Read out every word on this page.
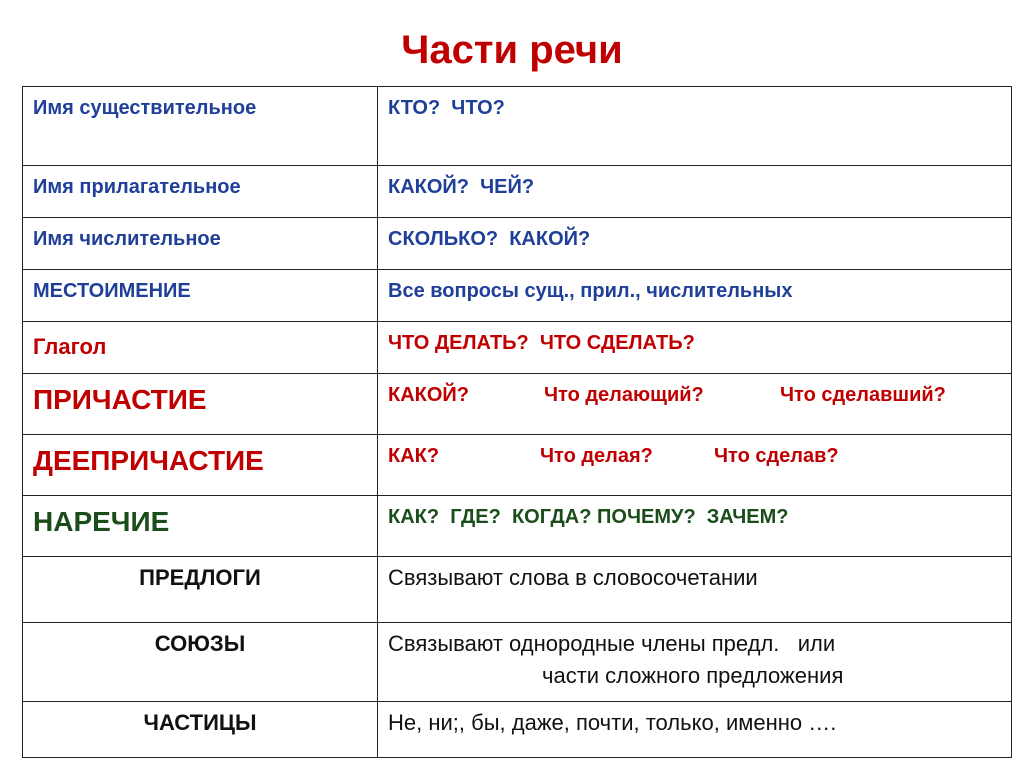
Части речи
Имя существительное	КТО?  ЧТО?

Имя прилагательное	КАКОЙ?  ЧЕЙ?

Имя числительное	СКОЛЬКО?  КАКОЙ?

МЕСТОИМЕНИЕ	Все вопросы сущ., прил., числительных

Глагол	ЧТО ДЕЛАТЬ?  ЧТО СДЕЛАТЬ?

ПРИЧАСТИЕ	КАКОЙ? Что делающий? Что сделавший?

ДЕЕПРИЧАСТИЕ	КАК? Что делая? Что сделав?

НАРЕЧИЕ	КАК?  ГДЕ?  КОГДА? ПОЧЕМУ?  ЗАЧЕМ?

ПРЕДЛОГИ	Связывают слова в словосочетании

СОЮЗЫ	Связывают однородные члены предл.   или
части сложного предложения

ЧАСТИЦЫ	Не, ни;, бы, даже, почти, только, именно ….
